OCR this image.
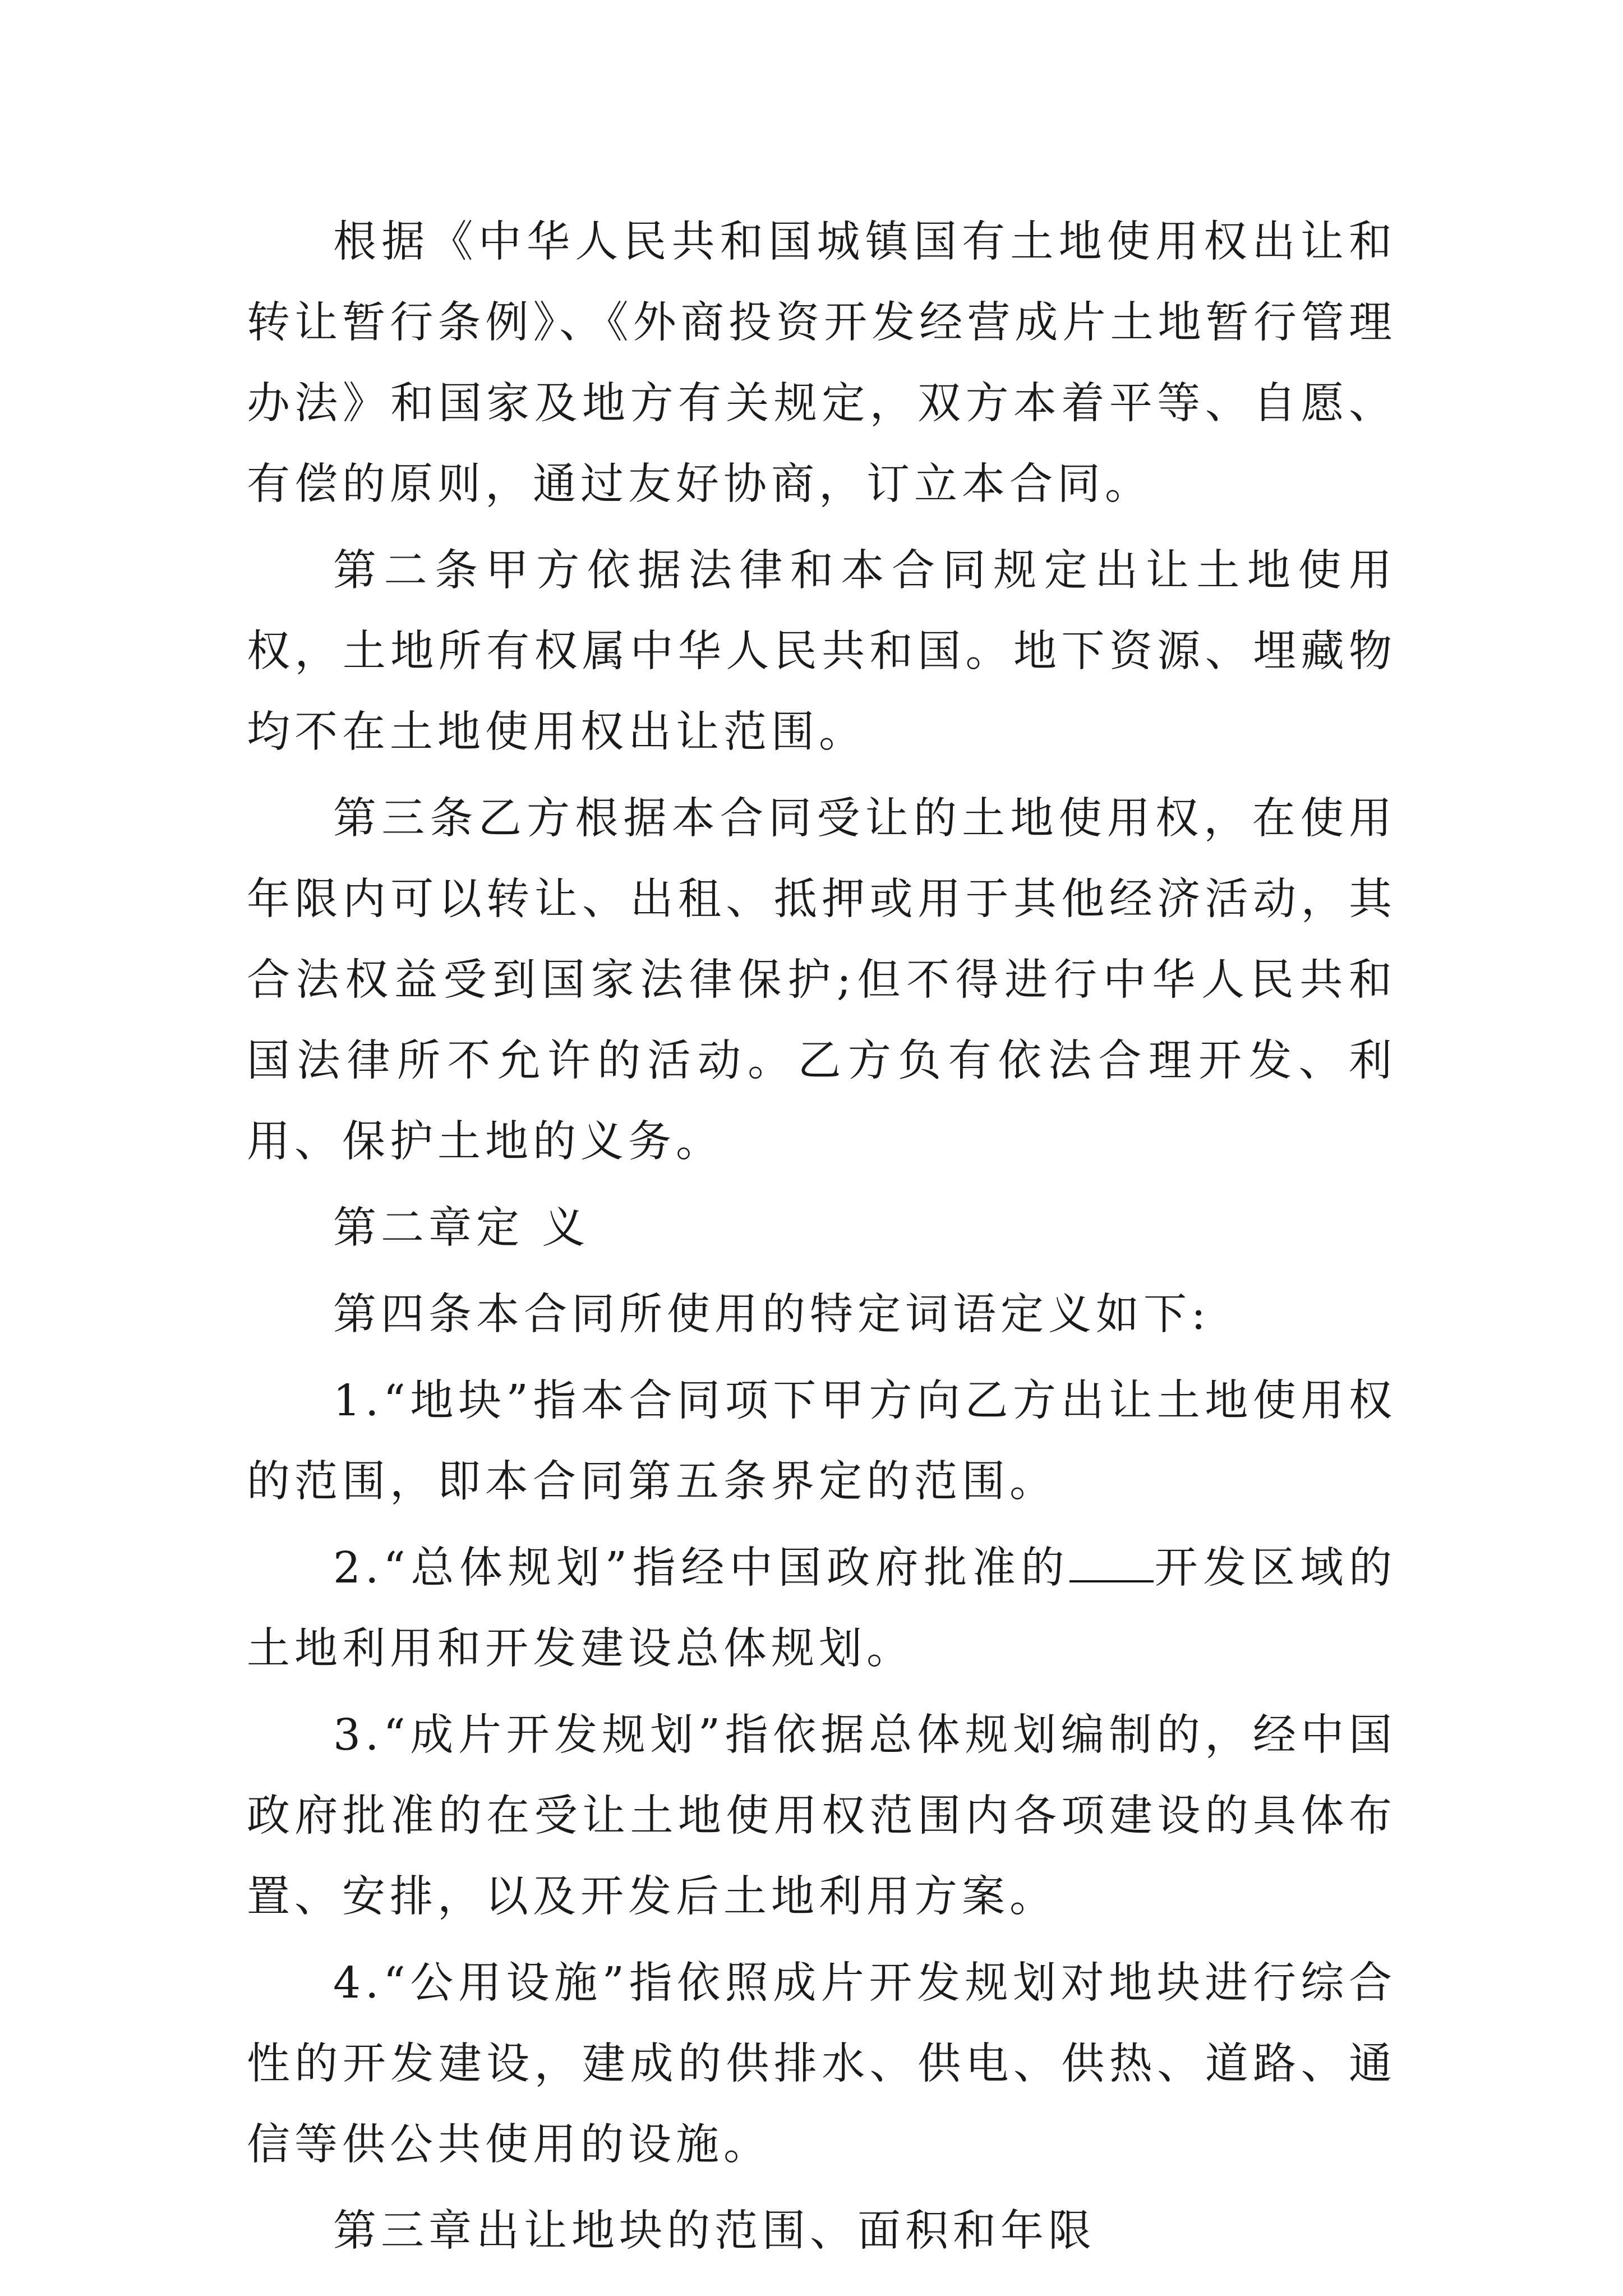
根据《中华人民共和国城镇国有土地使用权出让和转让暂行条例》、《外商投资开发经营成片土地暂行管理办法》和国家及地方有关规定，双方本着平等、自愿、有偿的原则，通过友好协商，订立本合同。

第二条甲方依据法律和本合同规定出让土地使用权，土地所有权属中华人民共和国。地下资源、埋藏物均不在土地使用权出让范围。

第三条乙方根据本合同受让的土地使用权，在使用年限内可以转让、出租、抵押或用于其他经济活动，其合法权益受到国家法律保护;但不得进行中华人民共和国法律所不允许的活动。乙方负有依法合理开发、利用、保护土地的义务。

第二章定 义

第四条本合同所使用的特定词语定义如下:

1.“地块”指本合同项下甲方向乙方出让土地使用权的范围，即本合同第五条界定的范围。

2.“总体规划”指经中国政府批准的 开发区域的土地利用和开发建设总体规划。

3.“成片开发规划”指依据总体规划编制的，经中国政府批准的在受让土地使用权范围内各项建设的具体布置、安排，以及开发后土地利用方案。

4.“公用设施”指依照成片开发规划对地块进行综合性的开发建设，建成的供排水、供电、供热、道路、通信等供公共使用的设施。

第三章出让地块的范围、面积和年限
